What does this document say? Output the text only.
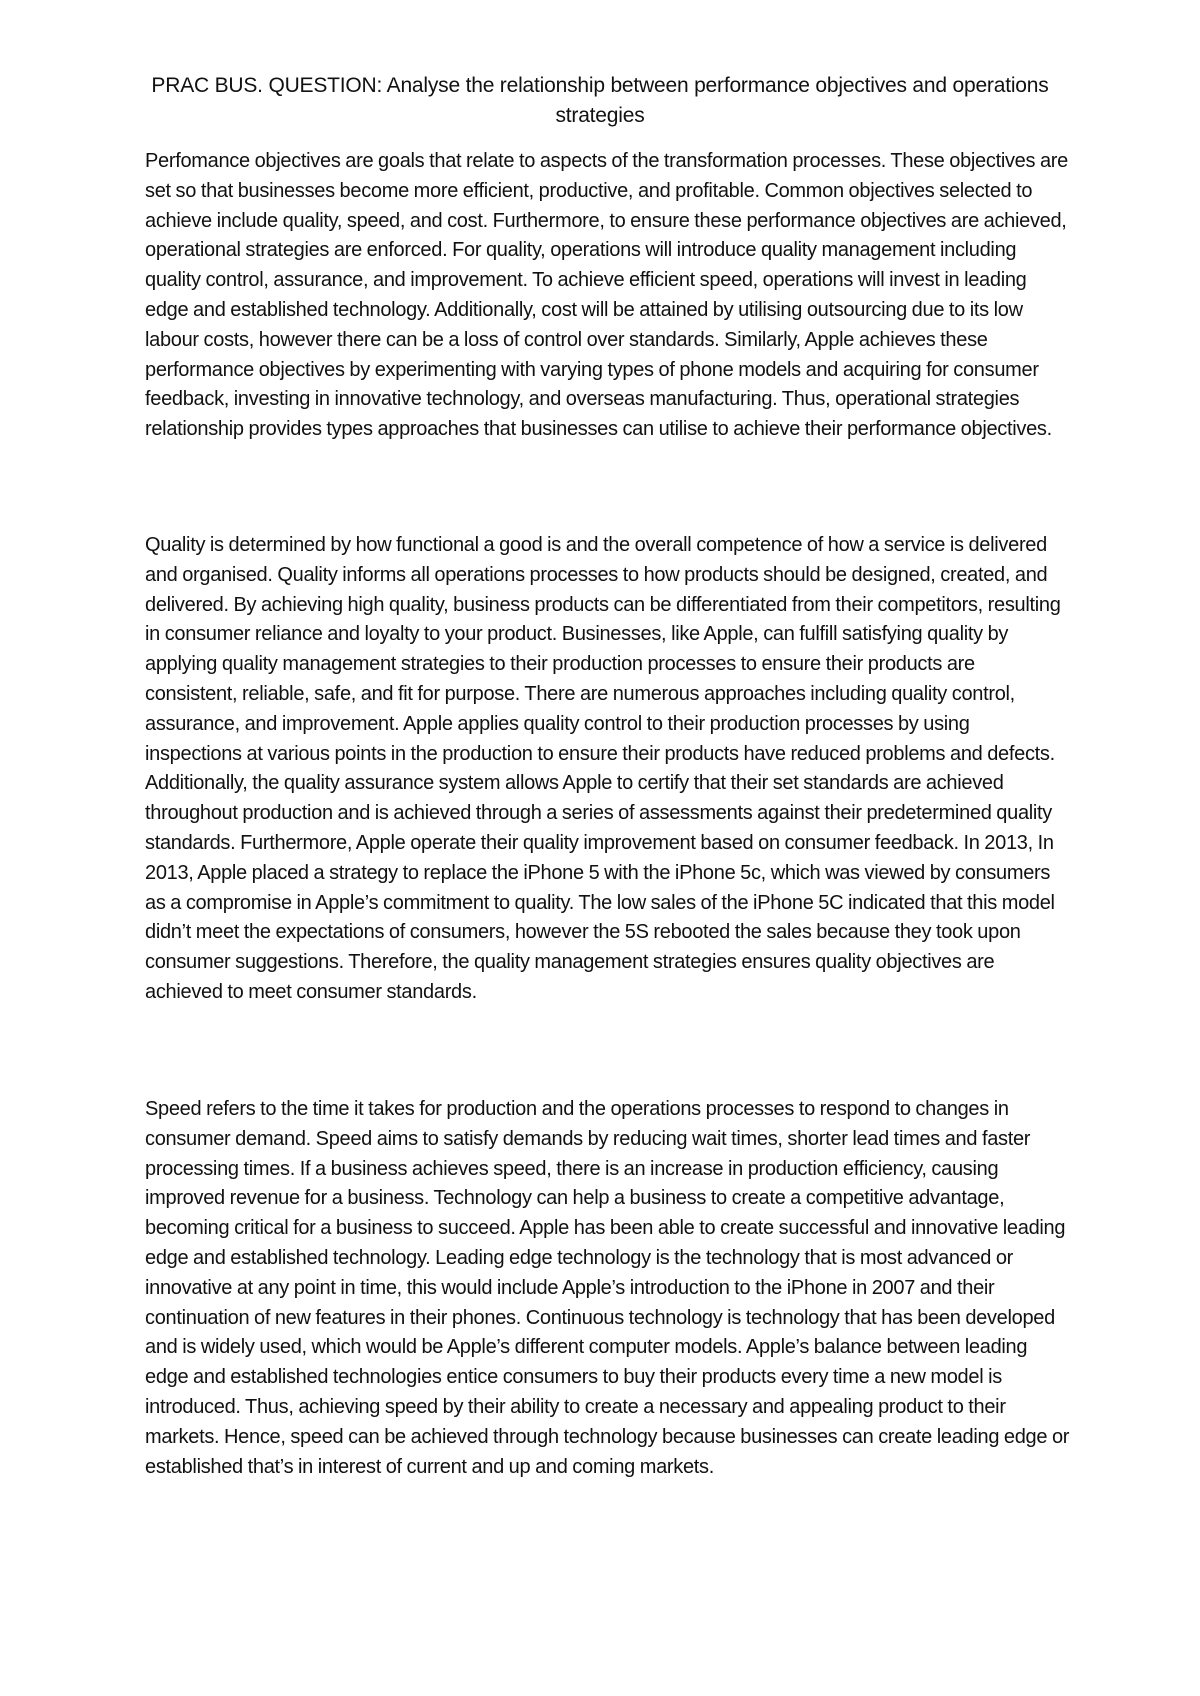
PRAC BUS. QUESTION: Analyse the relationship between performance objectives and operations strategies

Perfomance objectives are goals that relate to aspects of the transformation processes. These objectives are set so that businesses become more efficient, productive, and profitable. Common objectives selected to achieve include quality, speed, and cost. Furthermore, to ensure these performance objectives are achieved, operational strategies are enforced. For quality, operations will introduce quality management including quality control, assurance, and improvement. To achieve efficient speed, operations will invest in leading edge and established technology. Additionally, cost will be attained by utilising outsourcing due to its low labour costs, however there can be a loss of control over standards. Similarly, Apple achieves these performance objectives by experimenting with varying types of phone models and acquiring for consumer feedback, investing in innovative technology, and overseas manufacturing. Thus, operational strategies relationship provides types approaches that businesses can utilise to achieve their performance objectives.

Quality is determined by how functional a good is and the overall competence of how a service is delivered and organised. Quality informs all operations processes to how products should be designed, created, and delivered. By achieving high quality, business products can be differentiated from their competitors, resulting in consumer reliance and loyalty to your product. Businesses, like Apple, can fulfill satisfying quality by applying quality management strategies to their production processes to ensure their products are consistent, reliable, safe, and fit for purpose. There are numerous approaches including quality control, assurance, and improvement. Apple applies quality control to their production processes by using inspections at various points in the production to ensure their products have reduced problems and defects. Additionally, the quality assurance system allows Apple to certify that their set standards are achieved throughout production and is achieved through a series of assessments against their predetermined quality standards. Furthermore, Apple operate their quality improvement based on consumer feedback. In 2013, In 2013, Apple placed a strategy to replace the iPhone 5 with the iPhone 5c, which was viewed by consumers as a compromise in Apple’s commitment to quality. The low sales of the iPhone 5C indicated that this model didn’t meet the expectations of consumers, however the 5S rebooted the sales because they took upon consumer suggestions. Therefore, the quality management strategies ensures quality objectives are achieved to meet consumer standards.

Speed refers to the time it takes for production and the operations processes to respond to changes in consumer demand. Speed aims to satisfy demands by reducing wait times, shorter lead times and faster processing times. If a business achieves speed, there is an increase in production efficiency, causing improved revenue for a business. Technology can help a business to create a competitive advantage, becoming critical for a business to succeed. Apple has been able to create successful and innovative leading edge and established technology. Leading edge technology is the technology that is most advanced or innovative at any point in time, this would include Apple’s introduction to the iPhone in 2007 and their continuation of new features in their phones. Continuous technology is technology that has been developed and is widely used, which would be Apple’s different computer models. Apple’s balance between leading edge and established technologies entice consumers to buy their products every time a new model is introduced. Thus, achieving speed by their ability to create a necessary and appealing product to their markets. Hence, speed can be achieved through technology because businesses can create leading edge or established that’s in interest of current and up and coming markets.
